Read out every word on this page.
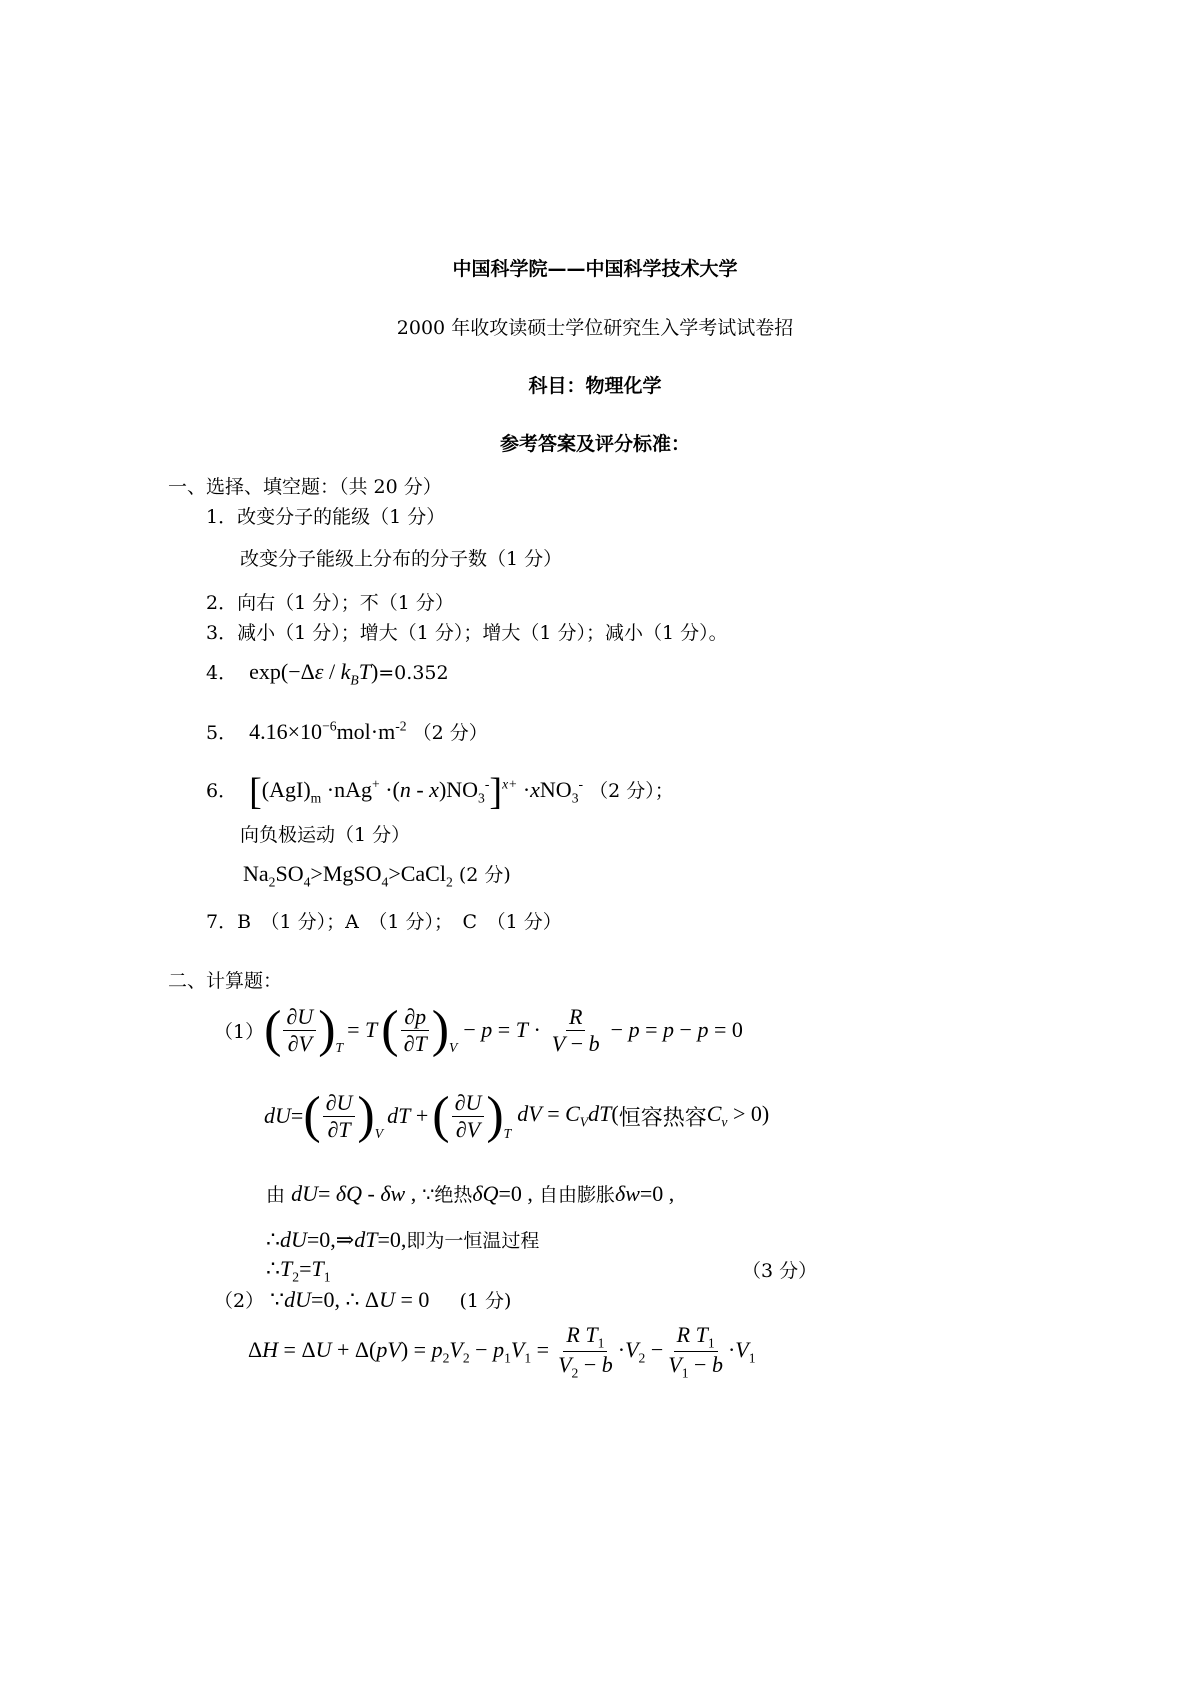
中国科学院——中国科学技术大学
2000 年收攻读硕士学位研究生入学考试试卷招
科目：物理化学
参考答案及评分标准：
一、选择、填空题：（共 20 分）
1．改变分子的能级（1 分）
改变分子能级上分布的分子数（1 分）
2．向右（1 分）；不（1 分）
3．减小（1 分）；增大（1 分）；增大（1 分）；减小（1 分）。
4． $\exp(-\Delta\varepsilon / k_BT)=0.352$
5． $4.16\times 10^{-6}mol\cdot m^{-2}$ （2 分）
6． $[(AgI)_m \cdot nAg^+ \cdot(n - x)NO_3^-]^{x+} \cdot xNO_3^-$ （2 分）；
向负极运动（1 分）
$Na_2SO_4>MgSO_4>CaCl_2$ (2 分)
7．B　（1 分）；A　（1 分）；　C　（1 分）
二、计算题：
（1） ( $\frac{\partial U}{\partial V} )_T$
= T ( $\frac{\partial p}{\partial T} )_V$
− $p = T \cdot \frac{R}{V - b} - p = p - p = 0$
dU = ( $\frac{\partial U}{\partial T} )_V$
dT + ( $\frac{\partial U}{\partial V} )_T$
dV = $C_VdT$( 恒容热容 $C_v > 0$)
由 dU= δQ - δw , ∵绝热δQ=0 , 自由膨胀δw=0 ,
∴dU=0,⇒dT=0,即为一恒温过程
$\therefore T_2=T_1$	（3 分）
（2） ∵dU=0, ∴ ΔU = 0 (1 分)
$\Delta H = \Delta U + \Delta(pV) = p_2V_2 - p_1V_1 = \frac{R T_1}{V_2 - b} \cdot V_2 - \frac{R T_1}{V_1 - b} \cdot V_1$
